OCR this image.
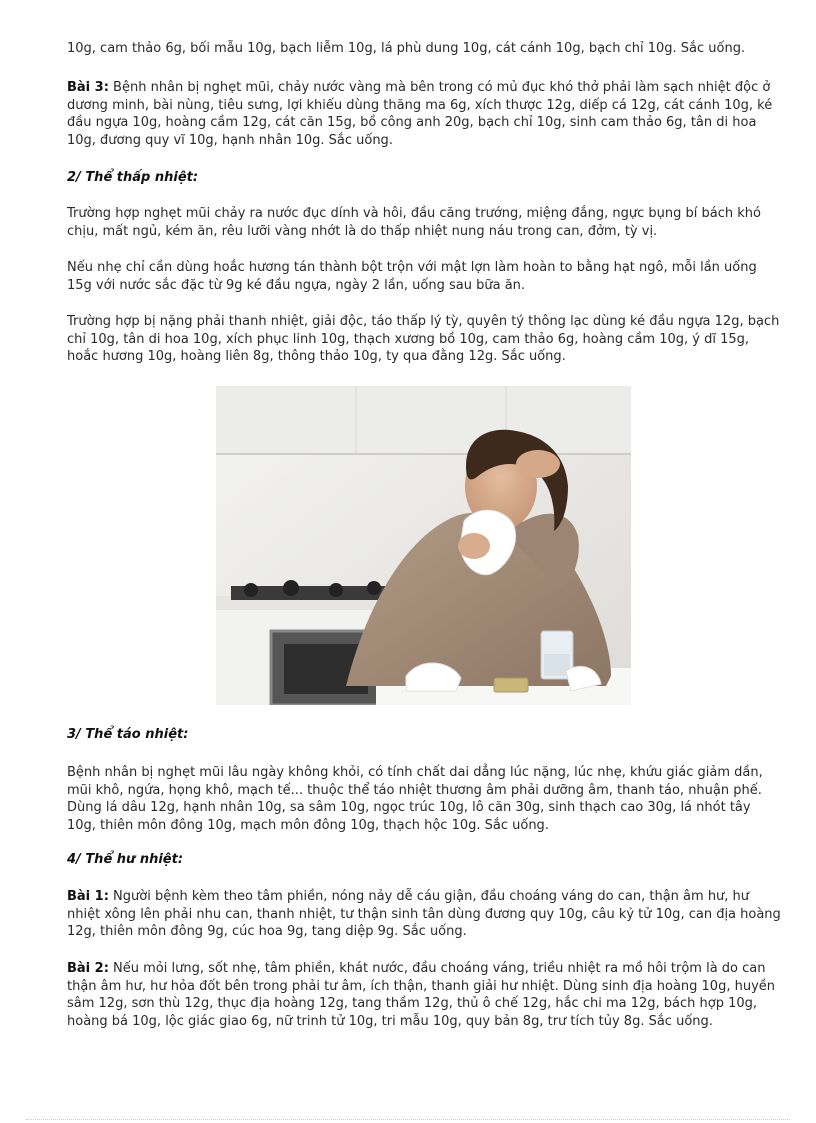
10g, cam thảo 6g, bối mẫu 10g, bạch liễm 10g, lá phù dung 10g, cát cánh 10g, bạch chỉ 10g. Sắc uống.

Bài 3: Bệnh nhân bị nghẹt mũi, chảy nước vàng mà bên trong có mủ đục khó thở phải làm sạch nhiệt độc ở dương minh, bài nùng, tiêu sưng, lợi khiếu dùng thăng ma 6g, xích thược 12g, diếp cá 12g, cát cánh 10g, ké đầu ngựa 10g, hoàng cầm 12g, cát căn 15g, bồ công anh 20g, bạch chỉ 10g, sinh cam thảo 6g, tân di hoa 10g, đương quy vĩ 10g, hạnh nhân 10g. Sắc uống.

2/ Thể thấp nhiệt:

Trường hợp nghẹt mũi chảy ra nước đục dính và hôi, đầu căng trướng, miệng đắng, ngực bụng bí bách khó chịu, mất ngủ, kém ăn, rêu lưỡi vàng nhớt là do thấp nhiệt nung náu trong can, đởm, tỳ vị.

Nếu nhẹ chỉ cần dùng hoắc hương tán thành bột trộn với mật lợn làm hoàn to bằng hạt ngô, mỗi lần uống 15g với nước sắc đặc từ 9g ké đầu ngựa, ngày 2 lần, uống sau bữa ăn.

Trường hợp bị nặng phải thanh nhiệt, giải độc, táo thấp lý tỳ, quyên tý thông lạc dùng ké đầu ngựa 12g, bạch chỉ 10g, tân di hoa 10g, xích phục linh 10g, thạch xương bồ 10g, cam thảo 6g, hoàng cầm 10g, ý dĩ 15g, hoắc hương 10g, hoàng liên 8g, thông thảo 10g, ty qua đằng 12g. Sắc uống.

3/ Thể táo nhiệt:

Bệnh nhân bị nghẹt mũi lâu ngày không khỏi, có tính chất dai dẳng lúc nặng, lúc nhẹ, khứu giác giảm dần, mũi khô, ngứa, họng khô, mạch tế... thuộc thể táo nhiệt thương âm phải dưỡng âm, thanh táo, nhuận phế. Dùng lá dâu 12g, hạnh nhân 10g, sa sâm 10g, ngọc trúc 10g, lô căn 30g, sinh thạch cao 30g, lá nhót tây 10g, thiên môn đông 10g, mạch môn đông 10g, thạch hộc 10g. Sắc uống.

4/ Thể hư nhiệt:

Bài 1: Người bệnh kèm theo tâm phiền, nóng nảy dễ cáu giận, đầu choáng váng do can, thận âm hư, hư nhiệt xông lên phải nhu can, thanh nhiệt, tư thận sinh tân dùng đương quy 10g, câu kỷ tử 10g, can địa hoàng 12g, thiên môn đông 9g, cúc hoa 9g, tang diệp 9g. Sắc uống.

Bài 2: Nếu mỏi lưng, sốt nhẹ, tâm phiền, khát nước, đầu choáng váng, triều nhiệt ra mồ hôi trộm là do can thận âm hư, hư hỏa đốt bên trong phải tư âm, ích thận, thanh giải hư nhiệt. Dùng sinh địa hoàng 10g, huyền sâm 12g, sơn thù 12g, thục địa hoàng 12g, tang thầm 12g, thủ ô chế 12g, hắc chi ma 12g, bách hợp 10g, hoàng bá 10g, lộc giác giao 6g, nữ trinh tử 10g, tri mẫu 10g, quy bản 8g, trư tích tủy 8g. Sắc uống.
